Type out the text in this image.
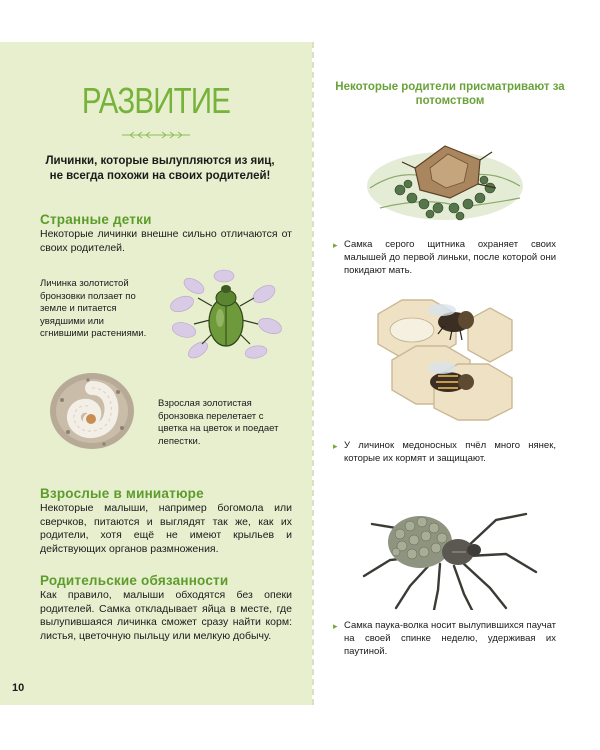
РАЗВИТИЕ
Личинки, которые вылупляются из яиц, не всегда похожи на своих родителей!
Странные детки
Некоторые личинки внешне сильно отличаются от своих родителей.
Личинка золотистой бронзовки ползает по земле и питается увядшими или сгнившими растениями.
Взрослая золотистая бронзовка перелетает с цветка на цветок и поедает лепестки.
Взрослые в миниатюре
Некоторые малыши, например богомола или сверчков, питаются и выглядят так же, как их родители, хотя ещё не имеют крыльев и действующих органов размножения.
Родительские обязанности
Как правило, малыши обходятся без опеки родителей. Самка откладывает яйца в месте, где вылупившаяся личинка сможет сразу найти корм: листья, цветочную пыльцу или мелкую добычу.
10
Некоторые родители присматривают за потомством
▸ Самка серого щитника охраняет своих малышей до первой линьки, после которой они покидают мать.
▸ У личинок медоносных пчёл много нянек, которые их кормят и защищают.
▸ Самка паука-волка носит вылупившихся паучат на своей спинке неделю, удерживая их паутиной.
